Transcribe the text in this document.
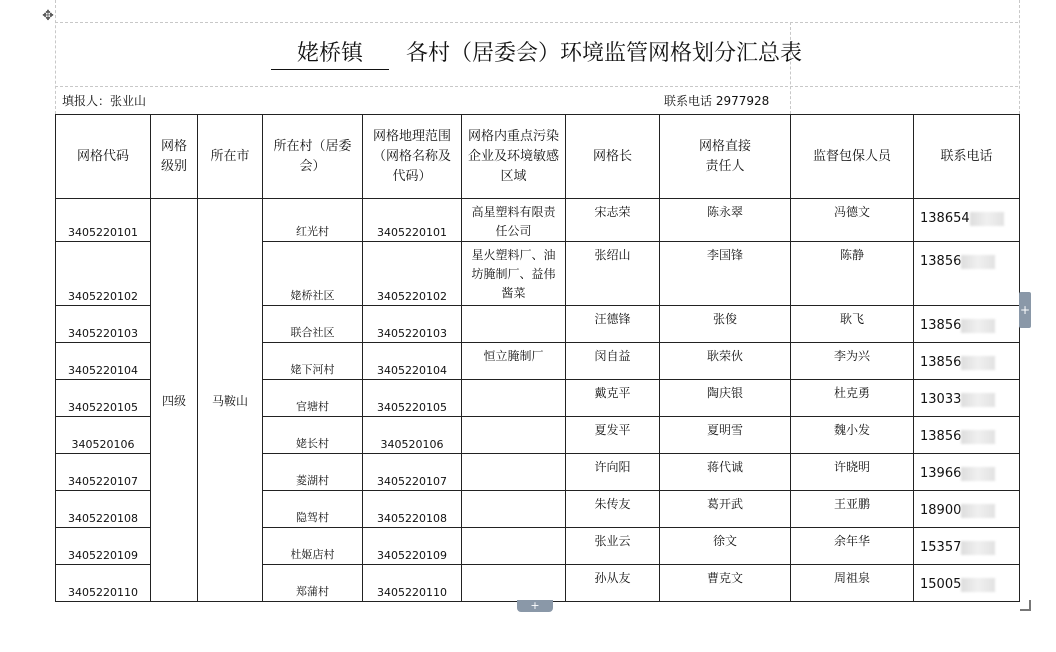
✥
姥桥镇 各村（居委会）环境监管网格划分汇总表
填报人：张业山	联系电话 2977928
网格代码	网格级别	所在市	所在村（居委会）	网格地理范围（网格名称及代码）	网格内重点污染企业及环境敏感区域	网格长	网格直接责任人	监督包保人员	联系电话
3405220101	四级	马鞍山	红光村	3405220101	高星塑料有限责任公司	宋志荣	陈永翠	冯德文	138654
3405220102			姥桥社区	3405220102	星火塑料厂、油坊腌制厂、益伟酱菜	张绍山	李国锋	陈静	13856
3405220103			联合社区	3405220103		汪德锋	张俊	耿飞	13856
3405220104			姥下河村	3405220104	恒立腌制厂	闵自益	耿荣伙	李为兴	13856
3405220105			官塘村	3405220105		戴克平	陶庆银	杜克勇	13033
340520106			姥长村	340520106		夏发平	夏明雪	魏小发	13856
3405220107			菱湖村	3405220107		许向阳	蒋代诚	许晓明	13966
3405220108			隐驾村	3405220108		朱传友	葛开武	王亚鹏	18900
3405220109			杜姬店村	3405220109		张业云	徐文	余年华	15357
3405220110			郑蒲村	3405220110		孙从友	曹克文	周祖泉	15005
+
+
